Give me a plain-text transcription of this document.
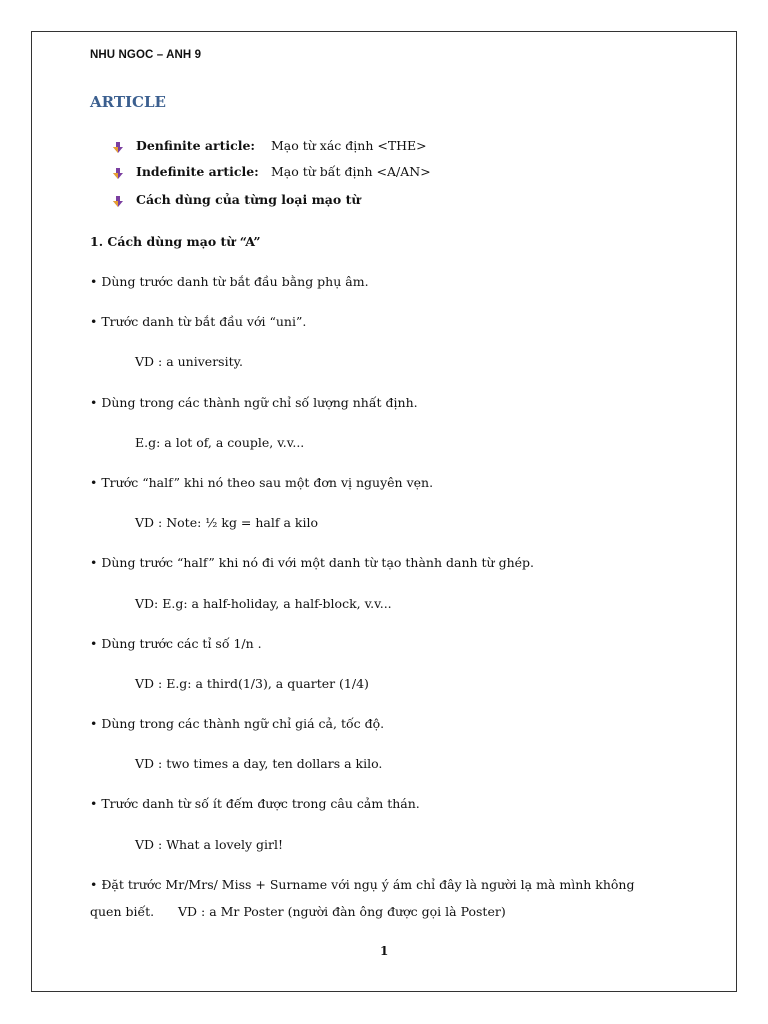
NHU NGOC – ANH 9
ARTICLE
Denfinite article: Mạo từ xác định <THE>
Indefinite article: Mạo từ bất định <A/AN>
Cách dùng của từng loại mạo từ
1. Cách dùng mạo từ “A”
• Dùng trước danh từ bắt đầu bằng phụ âm.
• Trước danh từ bắt đầu với “uni”.
VD : a university.
• Dùng trong các thành ngữ chỉ số lượng nhất định.
E.g: a lot of, a couple, v.v...
• Trước “half” khi nó theo sau một đơn vị nguyên vẹn.
VD : Note: ½ kg = half a kilo
• Dùng trước “half” khi nó đi với một danh từ tạo thành danh từ ghép.
VD: E.g: a half-holiday, a half-block, v.v...
• Dùng trước các tỉ số 1/n .
VD : E.g: a third(1/3), a quarter (1/4)
• Dùng trong các thành ngữ chỉ giá cả, tốc độ.
VD : two times a day, ten dollars a kilo.
• Trước danh từ số ít đếm được trong câu cảm thán.
VD : What a lovely girl!
• Đặt trước Mr/Mrs/ Miss + Surname với ngụ ý ám chỉ đây là người lạ mà mình không
quen biết.      VD : a Mr Poster (người đàn ông được gọi là Poster)
1
